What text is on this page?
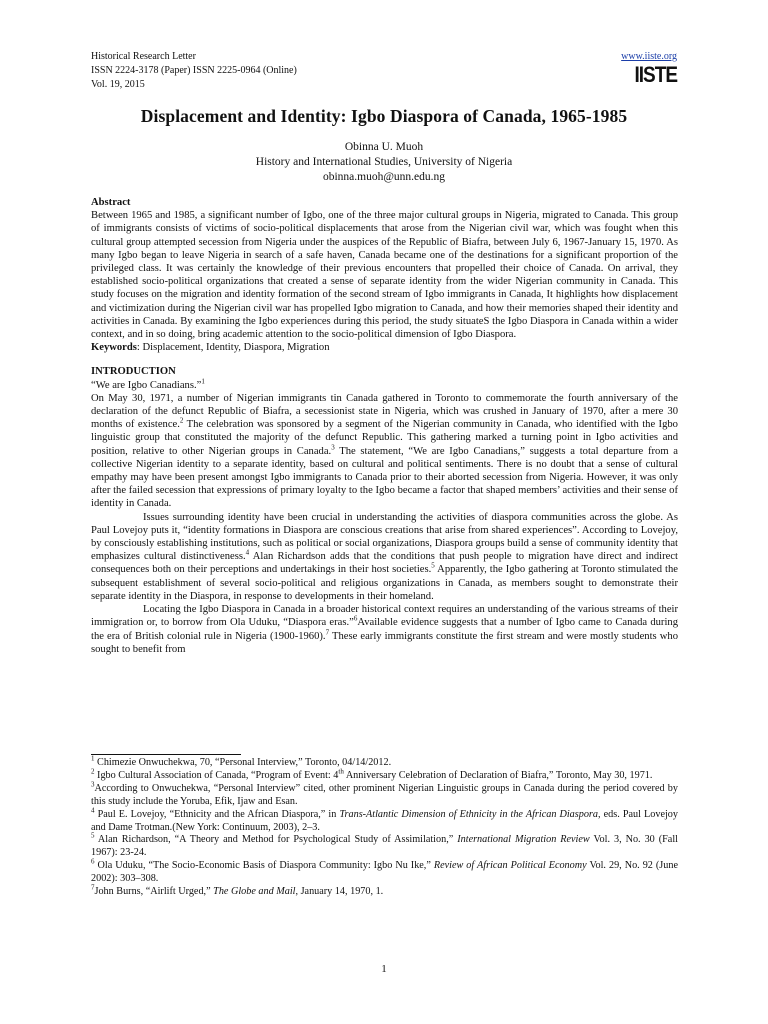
Historical Research Letter
ISSN 2224-3178 (Paper) ISSN 2225-0964 (Online)
Vol. 19, 2015
www.iiste.org
IISTE
Displacement and Identity: Igbo Diaspora of Canada, 1965-1985
Obinna U. Muoh
History and International Studies, University of Nigeria
obinna.muoh@unn.edu.ng

Abstract

Between 1965 and 1985, a significant number of Igbo, one of the three major cultural groups in Nigeria, migrated to Canada. This group of immigrants consists of victims of socio-political displacements that arose from the Nigerian civil war, which was fought when this cultural group attempted secession from Nigeria under the auspices of the Republic of Biafra, between July 6, 1967-January 15, 1970. As many Igbo began to leave Nigeria in search of a safe haven, Canada became one of the destinations for a significant proportion of the privileged class. It was certainly the knowledge of their previous encounters that propelled their choice of Canada. On arrival, they established socio-political organizations that created a sense of separate identity from the wider Nigerian community in Canada. This study focuses on the migration and identity formation of the second stream of Igbo immigrants in Canada, It highlights how displacement and victimization during the Nigerian civil war has propelled Igbo migration to Canada, and how their memories shaped their identity and activities in Canada. By examining the Igbo experiences during this period, the study situateS the Igbo Diaspora in Canada within a wider context, and in so doing, bring academic attention to the socio-political dimension of Igbo Diaspora.

Keywords: Displacement, Identity, Diaspora, Migration

INTRODUCTION

“We are Igbo Canadians.”$^1$

On May 30, 1971, a number of Nigerian immigrants tin Canada gathered in Toronto to commemorate the fourth anniversary of the declaration of the defunct Republic of Biafra, a secessionist state in Nigeria, which was crushed in January of 1970, after a mere 30 months of existence.$^2$ The celebration was sponsored by a segment of the Nigerian community in Canada, who identified with the Igbo linguistic group that constituted the majority of the defunct Republic. This gathering marked a turning point in Igbo activities and position, relative to other Nigerian groups in Canada.$^3$ The statement, “We are Igbo Canadians,” suggests a total departure from a collective Nigerian identity to a separate identity, based on cultural and political sentiments. There is no doubt that a sense of cultural empathy may have been present amongst Igbo immigrants to Canada prior to their aborted secession from Nigeria. However, it was only after the failed secession that expressions of primary loyalty to the Igbo became a factor that shaped members’ activities and their sense of identity in Canada.

Issues surrounding identity have been crucial in understanding the activities of diaspora communities across the globe. As Paul Lovejoy puts it, “identity formations in Diaspora are conscious creations that arise from shared experiences”. According to Lovejoy, by consciously establishing institutions, such as political or social organizations, Diaspora groups build a sense of community identity that emphasizes cultural distinctiveness.$^4$ Alan Richardson adds that the conditions that push people to migration have direct and indirect consequences both on their perceptions and undertakings in their host societies.$^5$ Apparently, the Igbo gathering at Toronto stimulated the subsequent establishment of several socio-political and religious organizations in Canada, as members sought to demonstrate their separate identity in the Diaspora, in response to developments in their homeland.

Locating the Igbo Diaspora in Canada in a broader historical context requires an understanding of the various streams of their immigration or, to borrow from Ola Uduku, “Diaspora eras.”$^6$Available evidence suggests that a number of Igbo came to Canada during the era of British colonial rule in Nigeria (1900-1960).$^7$ These early immigrants constitute the first stream and were mostly students who sought to benefit from

$^1$ Chimezie Onwuchekwa, 70, “Personal Interview,” Toronto, 04/14/2012.

$^2$ Igbo Cultural Association of Canada, “Program of Event: 4th Anniversary Celebration of Declaration of Biafra,” Toronto, May 30, 1971.

$^3$According to Onwuchekwa, “Personal Interview” cited, other prominent Nigerian Linguistic groups in Canada during the period covered by this study include the Yoruba, Efik, Ijaw and Esan.

$^4$ Paul E. Lovejoy, “Ethnicity and the African Diaspora,” in Trans-Atlantic Dimension of Ethnicity in the African Diaspora, eds. Paul Lovejoy and Dame Trotman.(New York: Continuum, 2003), 2–3.

$^5$ Alan Richardson, “A Theory and Method for Psychological Study of Assimilation,” International Migration Review Vol. 3, No. 30 (Fall 1967): 23-24.

$^6$ Ola Uduku, “The Socio-Economic Basis of Diaspora Community: Igbo Nu Ike,” Review of African Political Economy Vol. 29, No. 92 (June 2002): 303–308.

$^7$John Burns, “Airlift Urged,” The Globe and Mail, January 14, 1970, 1.

1
